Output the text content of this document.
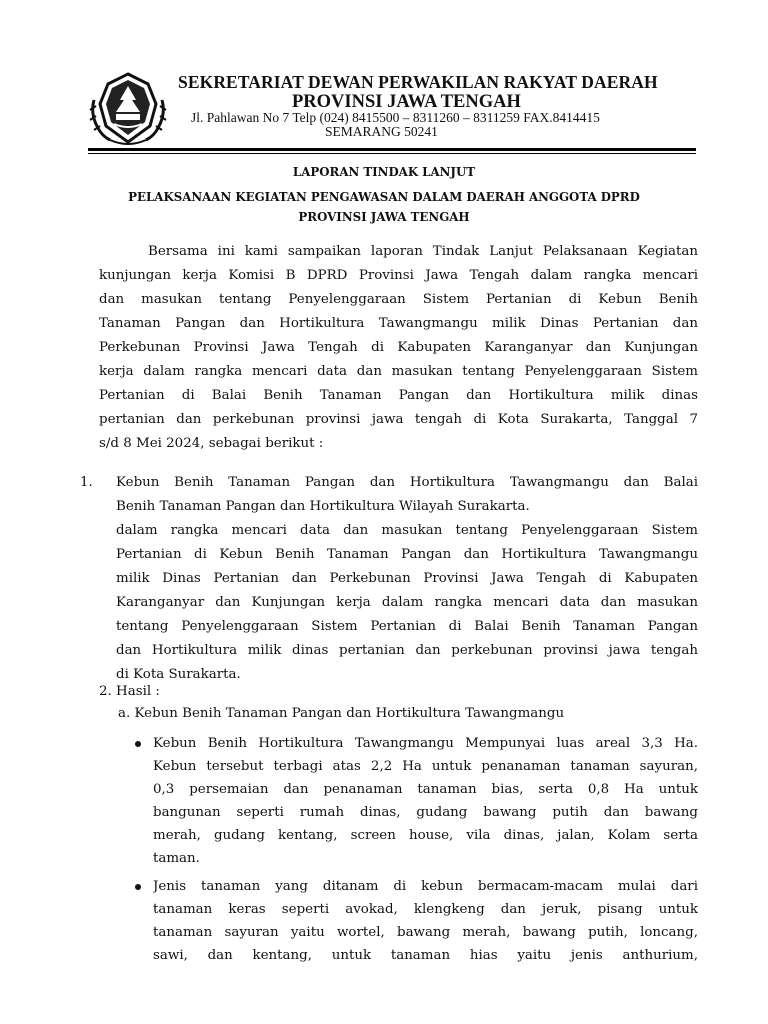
SEKRETARIAT DEWAN PERWAKILAN RAKYAT DAERAH
PROVINSI JAWA TENGAH
Jl. Pahlawan No 7 Telp (024) 8415500 – 8311260 – 8311259 FAX.8414415
SEMARANG 50241
LAPORAN TINDAK LANJUT
PELAKSANAAN KEGIATAN PENGAWASAN DALAM DAERAH ANGGOTA DPRD
PROVINSI JAWA TENGAH
Bersama ini kami sampaikan laporan Tindak Lanjut Pelaksanaan Kegiatan
kunjungan kerja Komisi B DPRD Provinsi Jawa Tengah dalam rangka mencari
dan masukan tentang Penyelenggaraan Sistem Pertanian di Kebun Benih
Tanaman Pangan dan Hortikultura Tawangmangu milik Dinas Pertanian dan
Perkebunan Provinsi Jawa Tengah di Kabupaten Karanganyar dan Kunjungan
kerja dalam rangka mencari data dan masukan tentang Penyelenggaraan Sistem
Pertanian di Balai Benih Tanaman Pangan dan Hortikultura milik dinas
pertanian dan perkebunan provinsi jawa tengah di Kota Surakarta, Tanggal 7
s/d 8 Mei 2024, sebagai berikut :
1. Kebun Benih Tanaman Pangan dan Hortikultura Tawangmangu dan Balai
Benih Tanaman Pangan dan Hortikultura Wilayah Surakarta.
dalam rangka mencari data dan masukan tentang Penyelenggaraan Sistem
Pertanian di Kebun Benih Tanaman Pangan dan Hortikultura Tawangmangu
milik Dinas Pertanian dan Perkebunan Provinsi Jawa Tengah di Kabupaten
Karanganyar dan Kunjungan kerja dalam rangka mencari data dan masukan
tentang Penyelenggaraan Sistem Pertanian di Balai Benih Tanaman Pangan
dan Hortikultura milik dinas pertanian dan perkebunan provinsi jawa tengah
di Kota Surakarta.
2. Hasil :
a. Kebun Benih Tanaman Pangan dan Hortikultura Tawangmangu
Kebun Benih Hortikultura Tawangmangu Mempunyai luas areal 3,3 Ha.
Kebun tersebut terbagi atas 2,2 Ha untuk penanaman tanaman sayuran,
0,3 persemaian dan penanaman tanaman bias, serta 0,8 Ha untuk
bangunan seperti rumah dinas, gudang bawang putih dan bawang
merah, gudang kentang, screen house, vila dinas, jalan, Kolam serta
taman.
Jenis tanaman yang ditanam di kebun bermacam-macam mulai dari
tanaman keras seperti avokad, klengkeng dan jeruk, pisang untuk
tanaman sayuran yaitu wortel, bawang merah, bawang putih, loncang,
sawi, dan kentang, untuk tanaman hias yaitu jenis anthurium,
